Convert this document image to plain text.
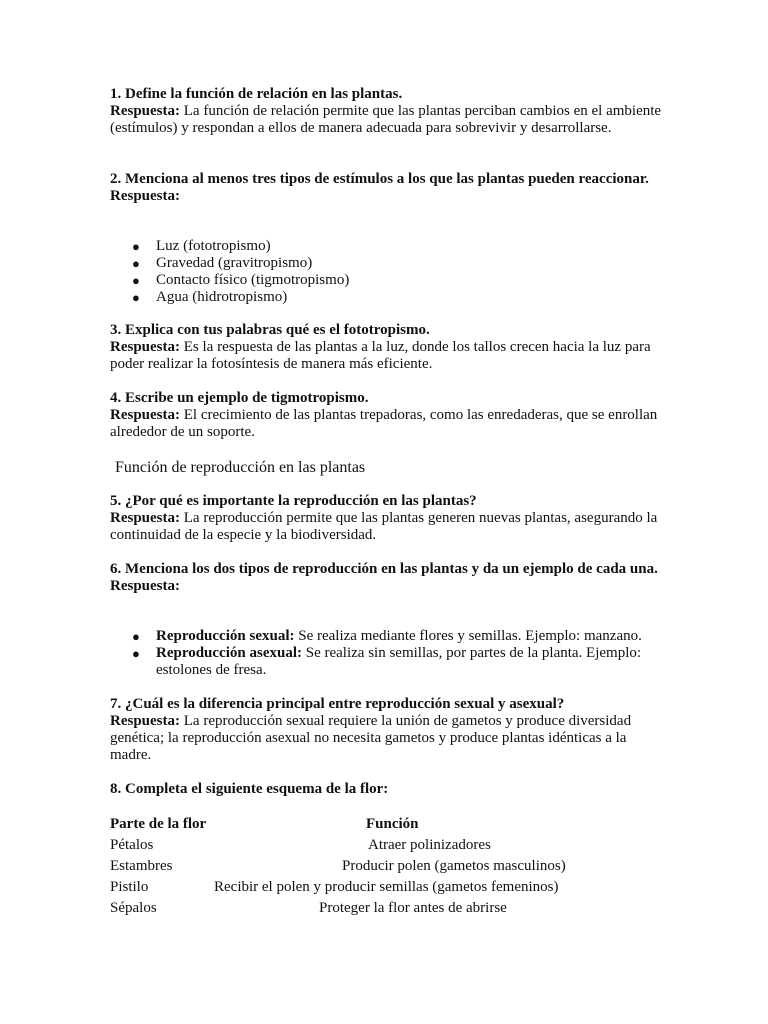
1. Define la función de relación en las plantas.

Respuesta: La función de relación permite que las plantas perciban cambios en el ambiente (estímulos) y respondan a ellos de manera adecuada para sobrevivir y desarrollarse.

2. Menciona al menos tres tipos de estímulos a los que las plantas pueden reaccionar.

Respuesta:

● Luz (fototropismo)
● Gravedad (gravitropismo)
● Contacto físico (tigmotropismo)
● Agua (hidrotropismo)

3. Explica con tus palabras qué es el fototropismo.

Respuesta: Es la respuesta de las plantas a la luz, donde los tallos crecen hacia la luz para poder realizar la fotosíntesis de manera más eficiente.

4. Escribe un ejemplo de tigmotropismo.

Respuesta: El crecimiento de las plantas trepadoras, como las enredaderas, que se enrollan alrededor de un soporte.

Función de reproducción en las plantas

5. ¿Por qué es importante la reproducción en las plantas?

Respuesta: La reproducción permite que las plantas generen nuevas plantas, asegurando la continuidad de la especie y la biodiversidad.

6. Menciona los dos tipos de reproducción en las plantas y da un ejemplo de cada una.

Respuesta:

● Reproducción sexual: Se realiza mediante flores y semillas. Ejemplo: manzano.
● Reproducción asexual: Se realiza sin semillas, por partes de la planta. Ejemplo: estolones de fresa.

7. ¿Cuál es la diferencia principal entre reproducción sexual y asexual?

Respuesta: La reproducción sexual requiere la unión de gametos y produce diversidad genética; la reproducción asexual no necesita gametos y produce plantas idénticas a la madre.

8. Completa el siguiente esquema de la flor:

Parte de la flor	Función
Pétalos	Atraer polinizadores
Estambres	Producir polen (gametos masculinos)
Pistilo	Recibir el polen y producir semillas (gametos femeninos)
Sépalos	Proteger la flor antes de abrirse
